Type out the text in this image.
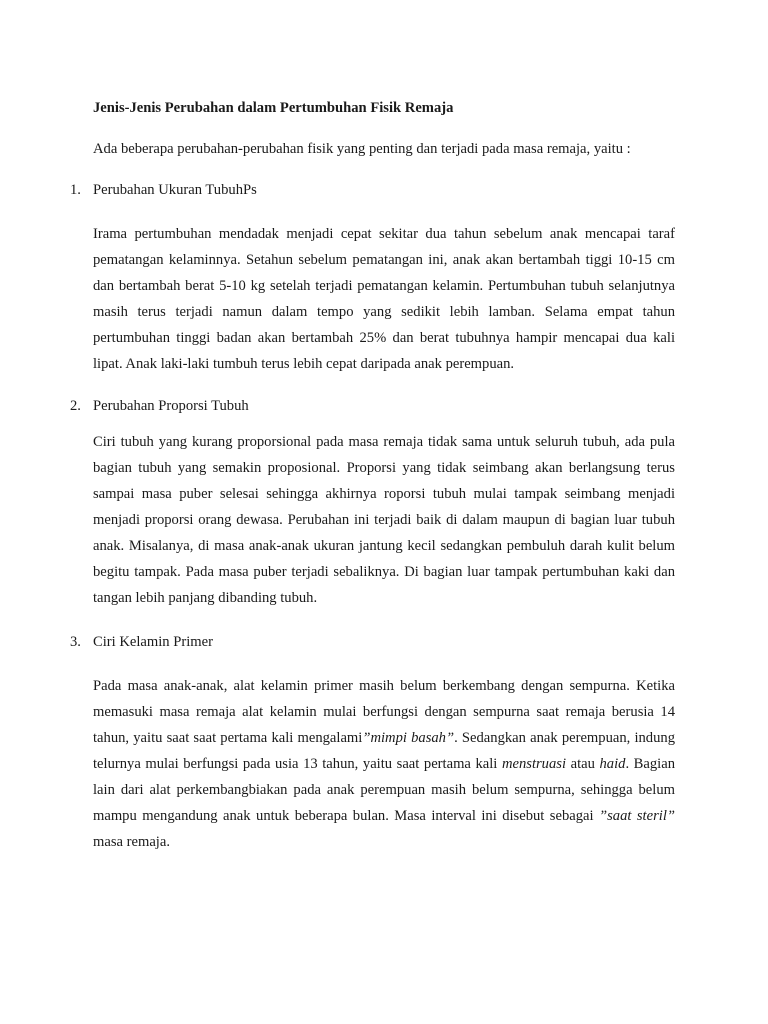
Jenis-Jenis Perubahan dalam Pertumbuhan Fisik Remaja
Ada beberapa perubahan-perubahan fisik yang penting dan terjadi pada masa remaja, yaitu :
1. Perubahan Ukuran TubuhPs
Irama pertumbuhan mendadak menjadi cepat sekitar dua tahun sebelum anak mencapai taraf pematangan kelaminnya. Setahun sebelum pematangan ini, anak akan bertambah tiggi 10-15 cm dan bertambah berat 5-10 kg setelah terjadi pematangan kelamin. Pertumbuhan tubuh selanjutnya masih terus terjadi namun dalam tempo yang sedikit lebih lamban. Selama empat tahun pertumbuhan tinggi badan akan bertambah 25% dan berat tubuhnya hampir mencapai dua kali lipat. Anak laki-laki tumbuh terus lebih cepat daripada anak perempuan.
2. Perubahan Proporsi Tubuh
Ciri tubuh yang kurang proporsional pada masa remaja tidak sama untuk seluruh tubuh, ada pula bagian tubuh yang semakin proposional. Proporsi yang tidak seimbang akan berlangsung terus sampai masa puber selesai sehingga akhirnya roporsi tubuh mulai tampak seimbang menjadi menjadi proporsi orang dewasa. Perubahan ini terjadi baik di dalam maupun di bagian luar tubuh anak. Misalanya, di masa anak-anak ukuran jantung kecil sedangkan pembuluh darah kulit belum begitu tampak. Pada masa puber terjadi sebaliknya. Di bagian luar tampak pertumbuhan kaki dan tangan lebih panjang dibanding tubuh.
3. Ciri Kelamin Primer
Pada masa anak-anak, alat kelamin primer masih belum berkembang dengan sempurna. Ketika memasuki masa remaja alat kelamin mulai berfungsi dengan sempurna saat remaja berusia 14 tahun, yaitu saat saat pertama kali mengalami”mimpi basah”. Sedangkan anak perempuan, indung telurnya mulai berfungsi pada usia 13 tahun, yaitu saat pertama kali menstruasi atau haid. Bagian lain dari alat perkembangbiakan pada anak perempuan masih belum sempurna, sehingga belum mampu mengandung anak untuk beberapa bulan. Masa interval ini disebut sebagai ”saat steril” masa remaja.
